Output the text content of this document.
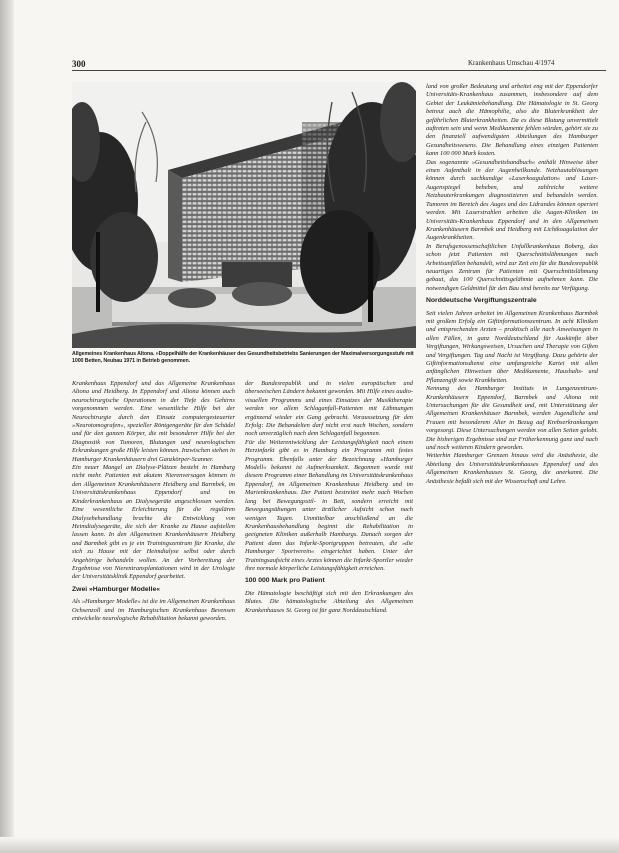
300	Krankenhaus Umschau 4/1974
Allgemeines Krankenhaus Altona. »Doppelhälfe der Krankenhäuser des Gesundheitsbetriebs Sanierungen der Maximalversorgungsstufe mit 1000 Betten, Neubau 1971 in Betrieb genommen.

Krankenhaus Eppendorf und das Allgemeine Krankenhaus Altona und Heidberg. In Eppendorf und Altona können auch neurochirurgische Operationen in der Tiefe des Gehirns vorgenommen werden. Eine wesentliche Hilfe bei der Neurochirurgie durch den Einsatz computergesteuerter »Neurotomografen«, spezieller Röntgengeräte für den Schädel und für den ganzen Körper, die mit besonderer Hilfe bei der Diagnostik von Tumoren, Blutungen und neurologischen Erkrankungen große Hilfe leisten können. Inzwischen stehen in Hamburger Krankenhäusern drei Ganzkörper-Scanner.

Ein neuer Mangel an Dialyse-Plätzen besteht in Hamburg nicht mehr. Patienten mit akutem Nierenversagen können in den Allgemeinen Krankenhäusern Heidberg und Barmbek, im Universitätskrankenhaus Eppendorf und im Kinderkrankenhaus an Dialysegeräte angeschlossen werden. Eine wesentliche Erleichterung für die regulären Dialysebehandlung brachte die Entwicklung von Heimdialysegeräte, die sich der Kranke zu Hause aufstellen lassen kann. In den Allgemeinen Krankenhäusern Heidberg und Barmbek gibt es je ein Trainingszentrum für Kranke, die sich zu Hause mit der Heimdialyse selbst oder durch Angehörige behandeln wollen. An der Vorbereitung der Ergebnisse von Nierentransplantationen wird in der Urologie der Universitätsklinik Eppendorf gearbeitet.

Zwei »Hamburger Modelle«

Als »Hamburger Modelle« ist die im Allgemeinen Krankenhaus Ochsenzoll und im Hamburgischen Krankenhaus Bevensen entwickelte neurologische Rehabilitation bekannt geworden.

der Bundesrepublik und in vielen europäischen und überseeischen Ländern bekannt geworden. Mit Hilfe eines audio-visuellen Programms und eines Einsatzes der Musiktherapie werden vor allem Schlaganfall-Patienten mit Lähmungen ergänzend wieder ein Gang gebracht. Voraussetzung für den Erfolg: Die Behandelten darf nicht erst nach Wochen, sondern noch unverzüglich nach dem Schlaganfall begonnen.

Für die Weiterentwicklung der Leistungsfähigkeit nach einem Herzinfarkt gibt es in Hamburg ein Programm mit festes Programm. Ebenfalls unter der Bezeichnung »Hamburger Modell« bekannt ist Aufmerksamkeit. Begonnen wurde mit diesem Programm einer Behandlung im Universitätskrankenhaus Eppendorf, im Allgemeinen Krankenhaus Heidberg und im Marienkrankenhaus. Der Patient bestreitet mehr nach Wochen lang bei Bewegungsstil- in Bett, sondern erreicht mit Bewegungsübungen unter ärztlicher Aufsicht schon nach wenigen Tagen. Unmittelbar anschließend an die Krankenhausbehandlung beginnt die Rehabilitation in geeigneten Kliniken außerhalb Hamburgs. Danach sorgen der Patient dann das Infarkt-Sportgruppen betreuten, die »die Hamburger Sportverein« eingerichtet haben. Unter der Trainingsaufsicht eines Arztes können die Infarkt-Sportler wieder ihre normale körperliche Leistungsfähigkeit erreichen.

100 000 Mark pro Patient

Die Hämatologie beschäftigt sich mit den Erkrankungen des Blutes. Die hämatologische Abteilung des Allgemeinen Krankenhauses St. Georg ist für ganz Norddeutschland.

land von großer Bedeutung und arbeitet eng mit der Eppendorfer Universitäts-Krankenhaus zusammen, insbesondere auf dem Gebiet der Leukämiebehandlung. Die Hämatologie in St. Georg betreut auch die Hämophilie, also die Bluterkrankheit der gefährlichen Bluterkrankheiten. Da es diese Blutung unvermittelt auftreten sein und wenn Medikamente fehlen würden, gehört sie zu den finanziell aufwendigsten Abteilungen des Hamburger Gesundheitswesens. Die Behandlung eines einzigen Patienten kann 100 000 Mark kosten.

Das sogenannte »Gesundheitshandbuch« enthält Hinweise über einen Aufenthalt in der Augenheilkunde. Netzhautablösungen können durch sachkundige »Laserkoagulation« und Laser-Augenspiegel beheben, und zahlreiche weitere Netzhauterkrankungen diagnostizieren und behandeln werden. Tumoren im Bereich des Auges und des Lidrandes können operiert werden. Mit Laserstrahlen arbeiten die Augen-Kliniken im Universitäts-Krankenhaus Eppendorf und in den Allgemeinen Krankenhäusern Barmbek und Heidberg mit Lichtkoagulation der Augenkrankheiten.

In Berufsgenossenschaftlichen Unfallkrankenhaus Boberg, das schon jetzt Patienten mit Querschnittslähmungen nach Arbeitsunfällen behandelt, wird zur Zeit ein für die Bundesrepublik neuartiges Zentrum für Patienten mit Querschnittslähmung gebaut, das 100 Querschnittsgelähmte aufnehmen kann. Die notwendigen Geldmittel für den Bau sind bereits zur Verfügung.

Norddeutsche Vergiftungszentrale

Seit vielen Jahren arbeitet im Allgemeinen Krankenhaus Barmbek mit großem Erfolg ein Giftinformationszentrum. In acht Kliniken und entsprechenden Arzten – praktisch alle nach Anweisungen in allen Fällen, in ganz Norddeutschland für Auskünfte über Vergiftungen, Wirkungsweisen, Ursachen und Therapie von Giften und Vergiftungen. Tag und Nacht ist Vergiftung. Dazu gehörte der Giftinformationsdienst eine umfangreiche Kartei mit allen anfänglichen Hinweisen über Medikamente, Haushalts- und Pflanzengift sowie Krankheiten.

Nennung des Hamburger Instituts in Lungenzentrum-Krankenhäusern Eppendorf, Barmbek und Altona mit Untersuchungen für die Gesundheit und, mit Unterstützung der Allgemeinen Krankenhäuser Barmbek, werden Jugendliche und Frauen mit besonderem Alter in Bezug auf Krebserkrankungen vorgesorgt. Diese Untersuchungen werden von allen Seiten gelobt. Die bisherigen Ergebnisse sind zur Früherkennung ganz und nach und noch weiteren Kindern geworden.

Weiterhin Hamburger Grenzen hinaus wird die Anästhesie, die Abteilung des Universitätskrankenhauses Eppendorf und des Allgemeinen Krankenhauses St. Georg, die anerkannt. Die Anästhesie befaßt sich mit der Wissenschaft und Lehre.
